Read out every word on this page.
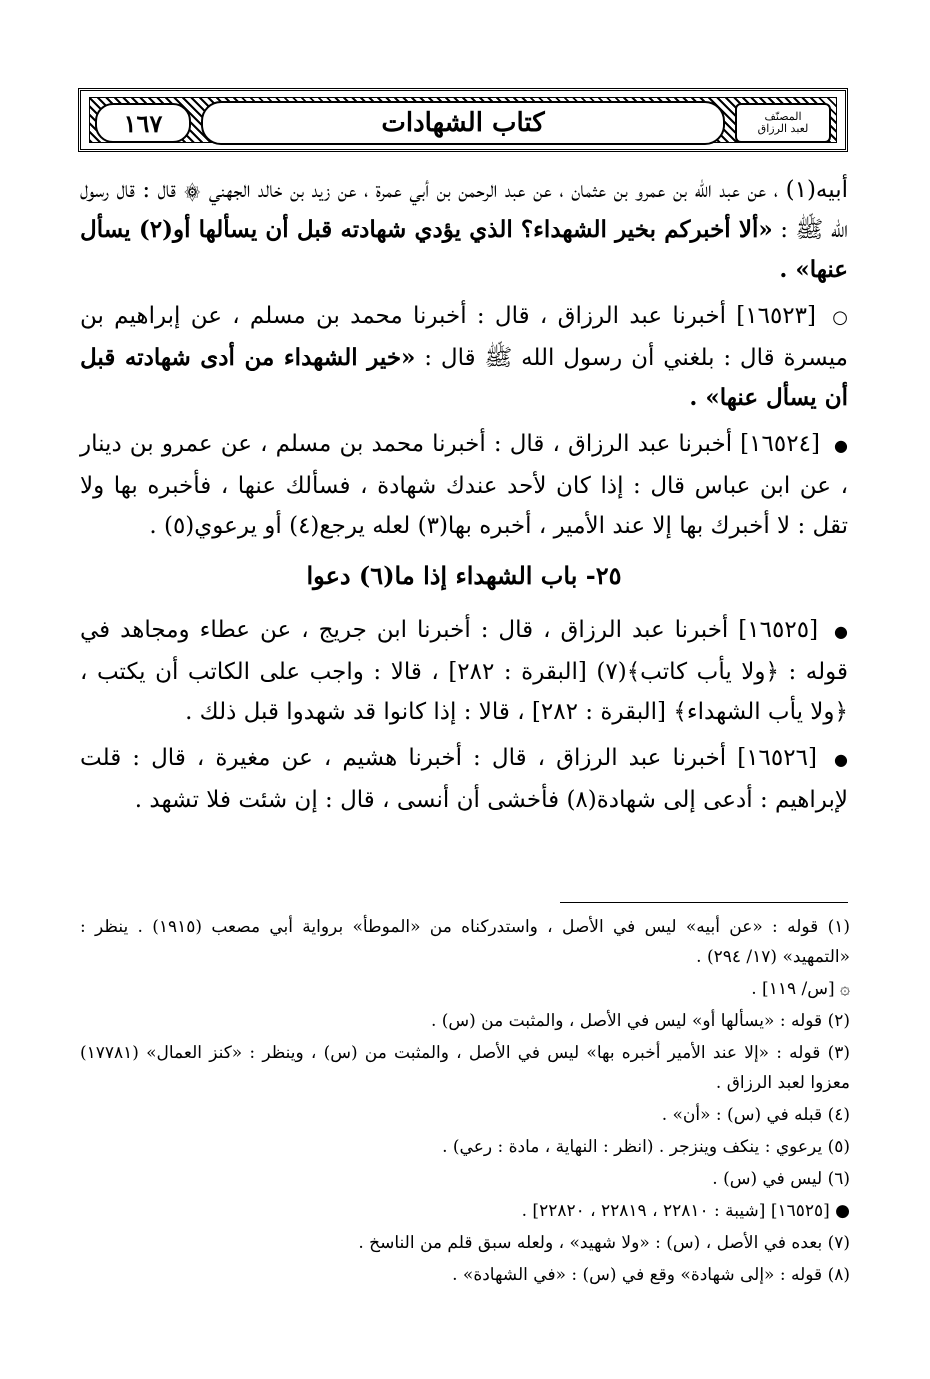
١٦٧	كتاب الشهادات	المصنّف
لعبد الرزاق

أبيه(١) ، عن عبد الله بن عمرو بن عثمان ، عن عبد الرحمن بن أبي عمرة ، عن زيد بن خالد الجهني ۞ قال : قال رسول الله ﷺ : «ألا أخبركم بخير الشهداء؟ الذي يؤدي شهادته قبل أن يسألها أو(٢) يسأل عنها» .

○ [١٦٥٢٣] أخبرنا عبد الرزاق ، قال : أخبرنا محمد بن مسلم ، عن إبراهيم بن ميسرة قال : بلغني أن رسول الله ﷺ قال : «خير الشهداء من أدى شهادته قبل أن يسأل عنها» .

● [١٦٥٢٤] أخبرنا عبد الرزاق ، قال : أخبرنا محمد بن مسلم ، عن عمرو بن دينار ، عن ابن عباس قال : إذا كان لأحد عندك شهادة ، فسألك عنها ، فأخبره بها ولا تقل : لا أخبرك بها إلا عند الأمير ، أخبره بها(٣) لعله يرجع(٤) أو يرعوي(٥) .

٢٥- باب الشهداء إذا ما(٦) دعوا

● [١٦٥٢٥] أخبرنا عبد الرزاق ، قال : أخبرنا ابن جريج ، عن عطاء ومجاهد في قوله : ﴿ولا يأب كاتب﴾(٧) [البقرة : ٢٨٢] ، قالا : واجب على الكاتب أن يكتب ، ﴿ولا يأب الشهداء﴾ [البقرة : ٢٨٢] ، قالا : إذا كانوا قد شهدوا قبل ذلك .

● [١٦٥٢٦] أخبرنا عبد الرزاق ، قال : أخبرنا هشيم ، عن مغيرة ، قال : قلت لإبراهيم : أدعى إلى شهادة(٨) فأخشى أن أنسى ، قال : إن شئت فلا تشهد .

(١) قوله : «عن أبيه» ليس في الأصل ، واستدركناه من «الموطأ» برواية أبي مصعب (١٩١٥) . ينظر : «التمهيد» (١٧/ ٢٩٤) .

۞ [س/ ١١٩] .

(٢) قوله : «يسألها أو» ليس في الأصل ، والمثبت من (س) .

(٣) قوله : «إلا عند الأمير أخبره بها» ليس في الأصل ، والمثبت من (س) ، وينظر : «كنز العمال» (١٧٧٨١) معزوا لعبد الرزاق .

(٤) قبله في (س) : «أن» .

(٥) يرعوي : ينكف وينزجر . (انظر : النهاية ، مادة : رعي) .

(٦) ليس في (س) .

● [١٦٥٢٥] [شيبة : ٢٢٨١٠ ، ٢٢٨١٩ ، ٢٢٨٢٠] .

(٧) بعده في الأصل ، (س) : «ولا شهيد» ، ولعله سبق قلم من الناسخ .

(٨) قوله : «إلى شهادة» وقع في (س) : «في الشهادة» .
